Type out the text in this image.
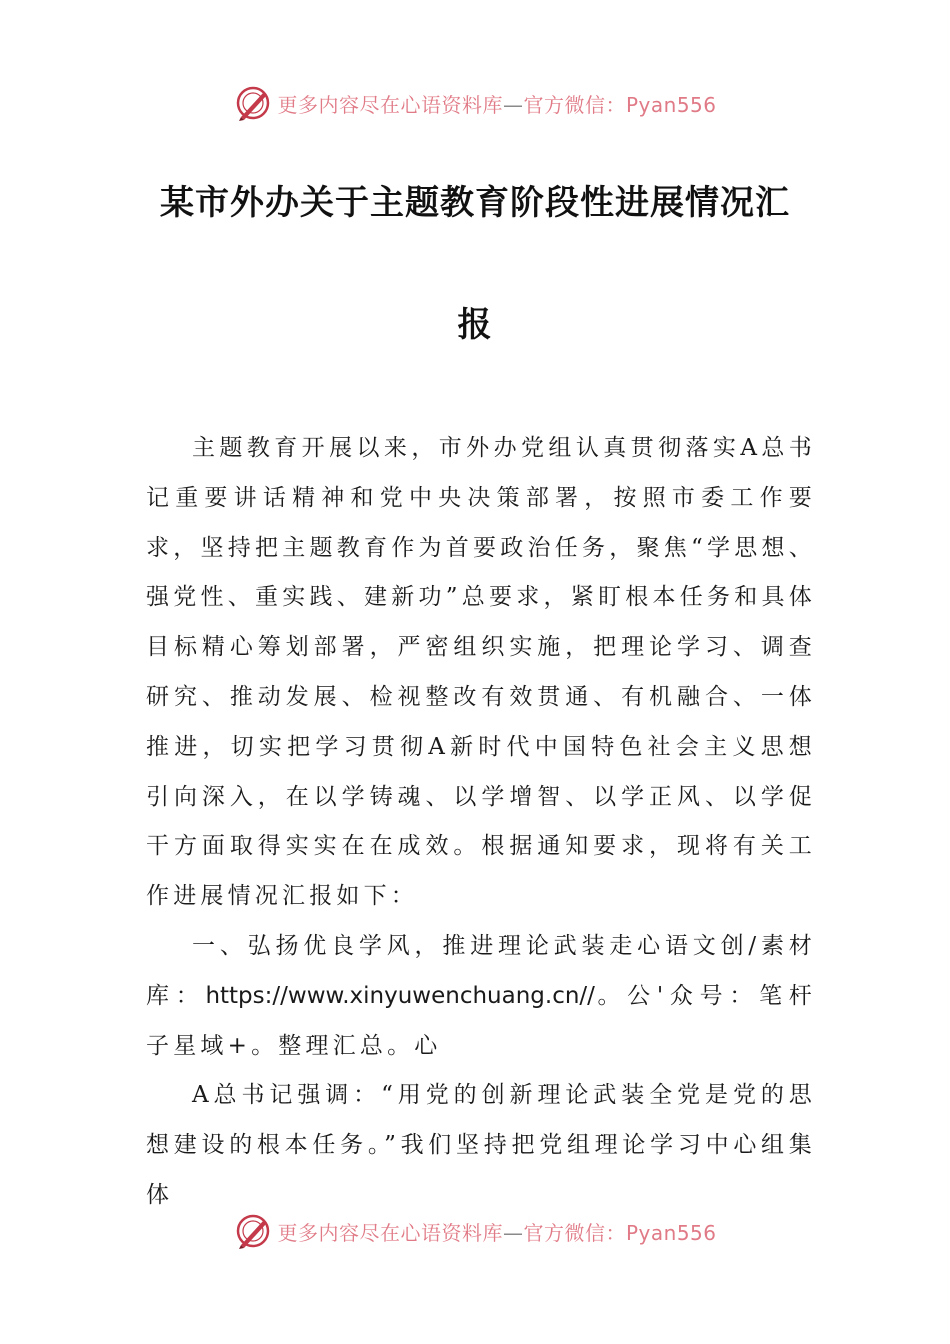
更多内容尽在心语资料库—官方微信：Pyan556
某市外办关于主题教育阶段性进展情况汇
报

主题教育开展以来，市外办党组认真贯彻落实A总书记重要讲话精神和党中央决策部署，按照市委工作要求，坚持把主题教育作为首要政治任务，聚焦“学思想、强党性、重实践、建新功”总要求，紧盯根本任务和具体目标精心筹划部署，严密组织实施，把理论学习、调查研究、推动发展、检视整改有效贯通、有机融合、一体推进，切实把学习贯彻A新时代中国特色社会主义思想引向深入，在以学铸魂、以学增智、以学正风、以学促干方面取得实实在在成效。根据通知要求，现将有关工作进展情况汇报如下：

一、弘扬优良学风，推进理论武装走心语文创/素材库：https://www.xinyuwenchuang.cn//。公'众号：笔杆子星域+。整理汇总。心

A总书记强调：“用党的创新理论武装全党是党的思想建设的根本任务。”我们坚持把党组理论学习中心组集体

更多内容尽在心语资料库—官方微信：Pyan556
